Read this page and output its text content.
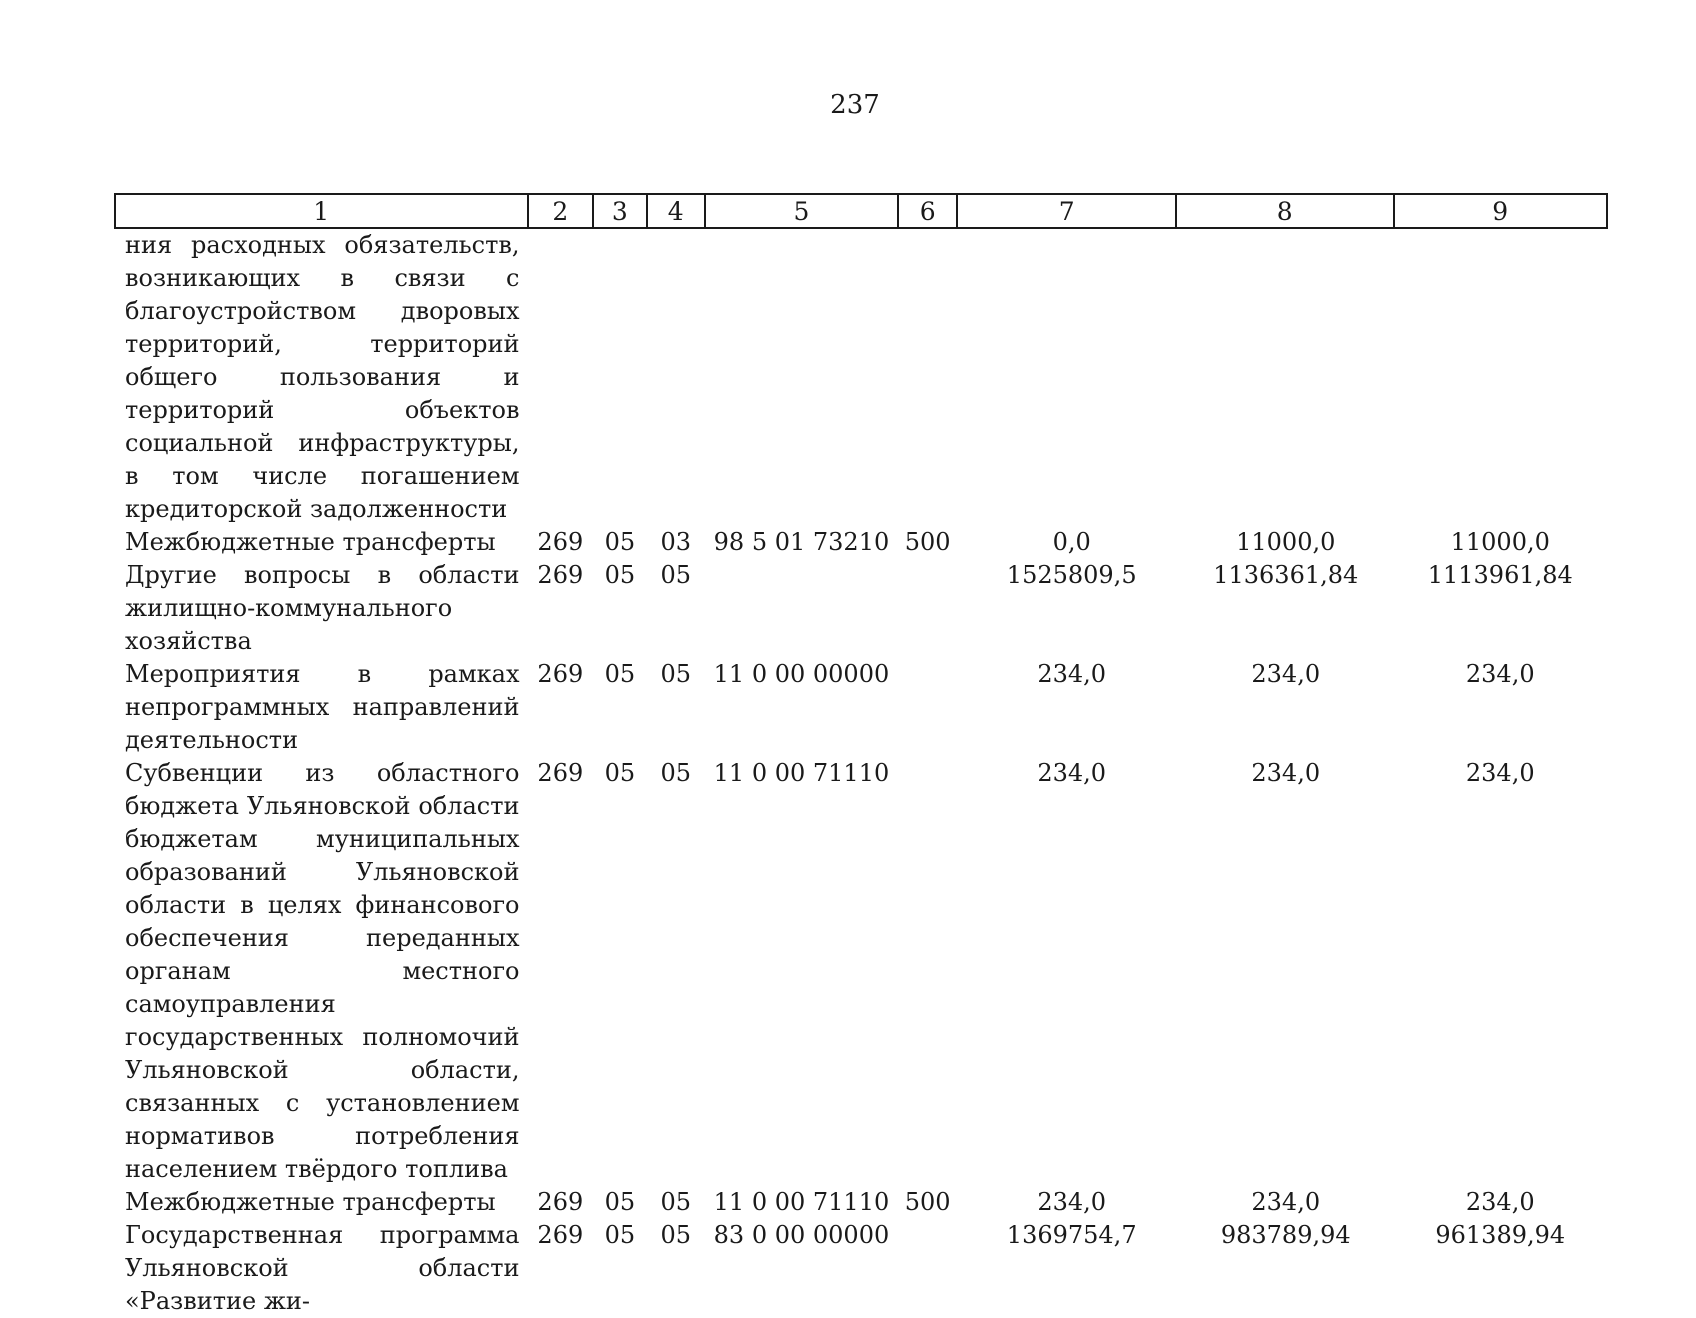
237
1	2	3	4	5	6	7	8	9
ния расходных обязательств, возникающих в связи с благоустройством дворовых территорий, территорий общего пользования и территорий объектов социальной инфраструктуры, в том числе погашением кредиторской задолженности								
Межбюджетные трансферты	269	05	03	98 5 01 73210	500	0,0	11000,0	11000,0
Другие вопросы в области жилищно-коммунального хозяйства	269	05	05			1525809,5	1136361,84	1113961,84
Мероприятия в рамках непрограммных направлений деятельности	269	05	05	11 0 00 00000		234,0	234,0	234,0
Субвенции из областного бюджета Ульяновской области бюджетам муниципальных образований Ульяновской области в целях финансового обеспечения переданных органам местного самоуправления государственных полномочий Ульяновской области, связанных с установлением нормативов потребления населением твёрдого топлива	269	05	05	11 0 00 71110		234,0	234,0	234,0
Межбюджетные трансферты	269	05	05	11 0 00 71110	500	234,0	234,0	234,0
Государственная программа Ульяновской области «Развитие жи-	269	05	05	83 0 00 00000		1369754,7	983789,94	961389,94
